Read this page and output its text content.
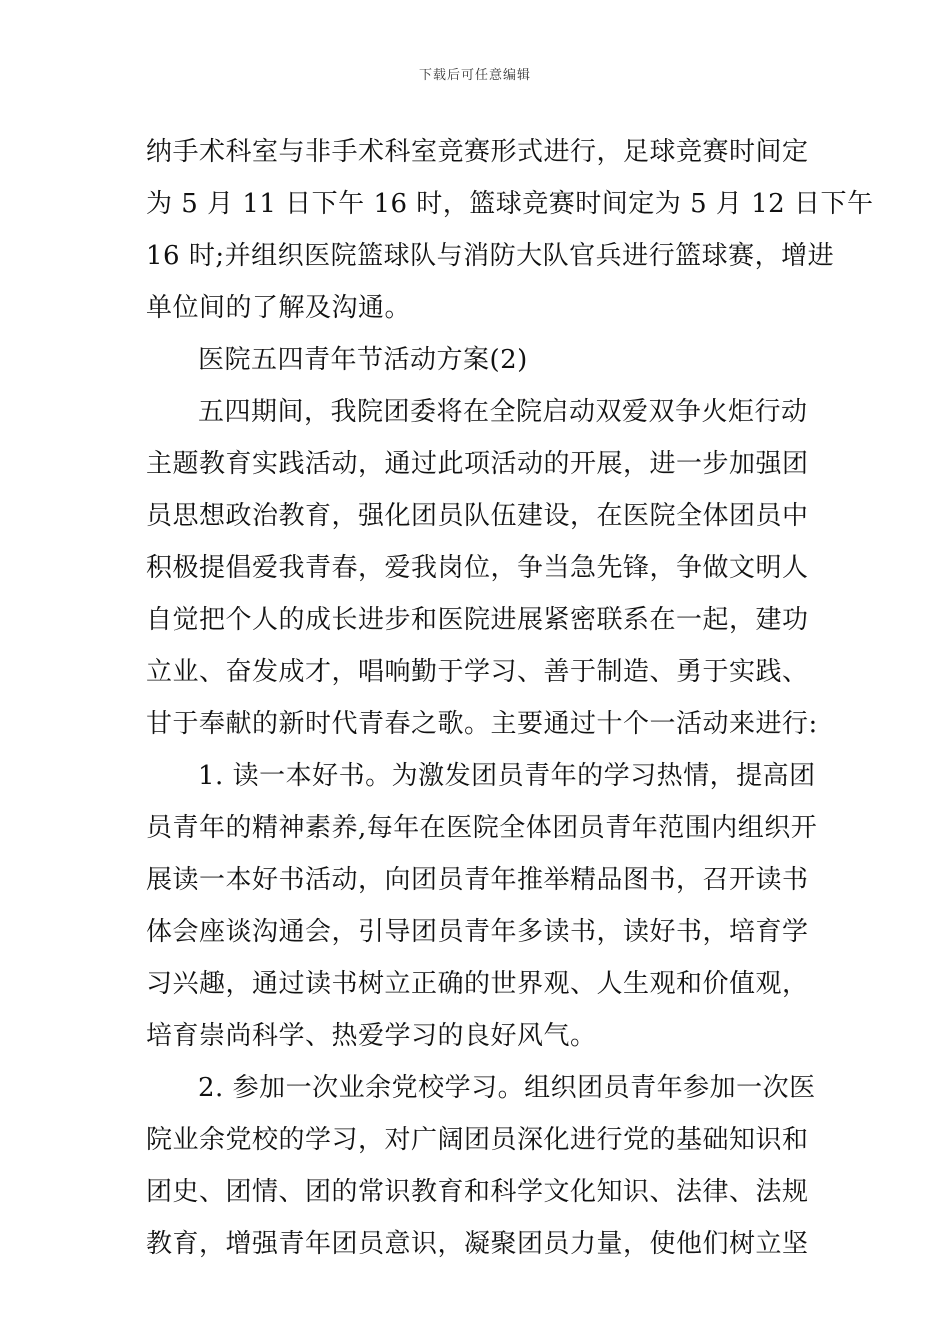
下载后可任意编辑
纳手术科室与非手术科室竞赛形式进行，足球竞赛时间定
为 5 月 11 日下午 16 时，篮球竞赛时间定为 5 月 12 日下午
16 时;并组织医院篮球队与消防大队官兵进行篮球赛，增进
单位间的了解及沟通。
医院五四青年节活动方案(2)
五四期间，我院团委将在全院启动双爱双争火炬行动
主题教育实践活动，通过此项活动的开展，进一步加强团
员思想政治教育，强化团员队伍建设，在医院全体团员中
积极提倡爱我青春，爱我岗位，争当急先锋，争做文明人
自觉把个人的成长进步和医院进展紧密联系在一起，建功
立业、奋发成才，唱响勤于学习、善于制造、勇于实践、
甘于奉献的新时代青春之歌。主要通过十个一活动来进行:
1. 读一本好书。为激发团员青年的学习热情，提高团
员青年的精神素养,每年在医院全体团员青年范围内组织开
展读一本好书活动，向团员青年推举精品图书，召开读书
体会座谈沟通会，引导团员青年多读书，读好书，培育学
习兴趣，通过读书树立正确的世界观、人生观和价值观，
培育崇尚科学、热爱学习的良好风气。
2. 参加一次业余党校学习。组织团员青年参加一次医
院业余党校的学习，对广阔团员深化进行党的基础知识和
团史、团情、团的常识教育和科学文化知识、法律、法规
教育，增强青年团员意识，凝聚团员力量，使他们树立坚
